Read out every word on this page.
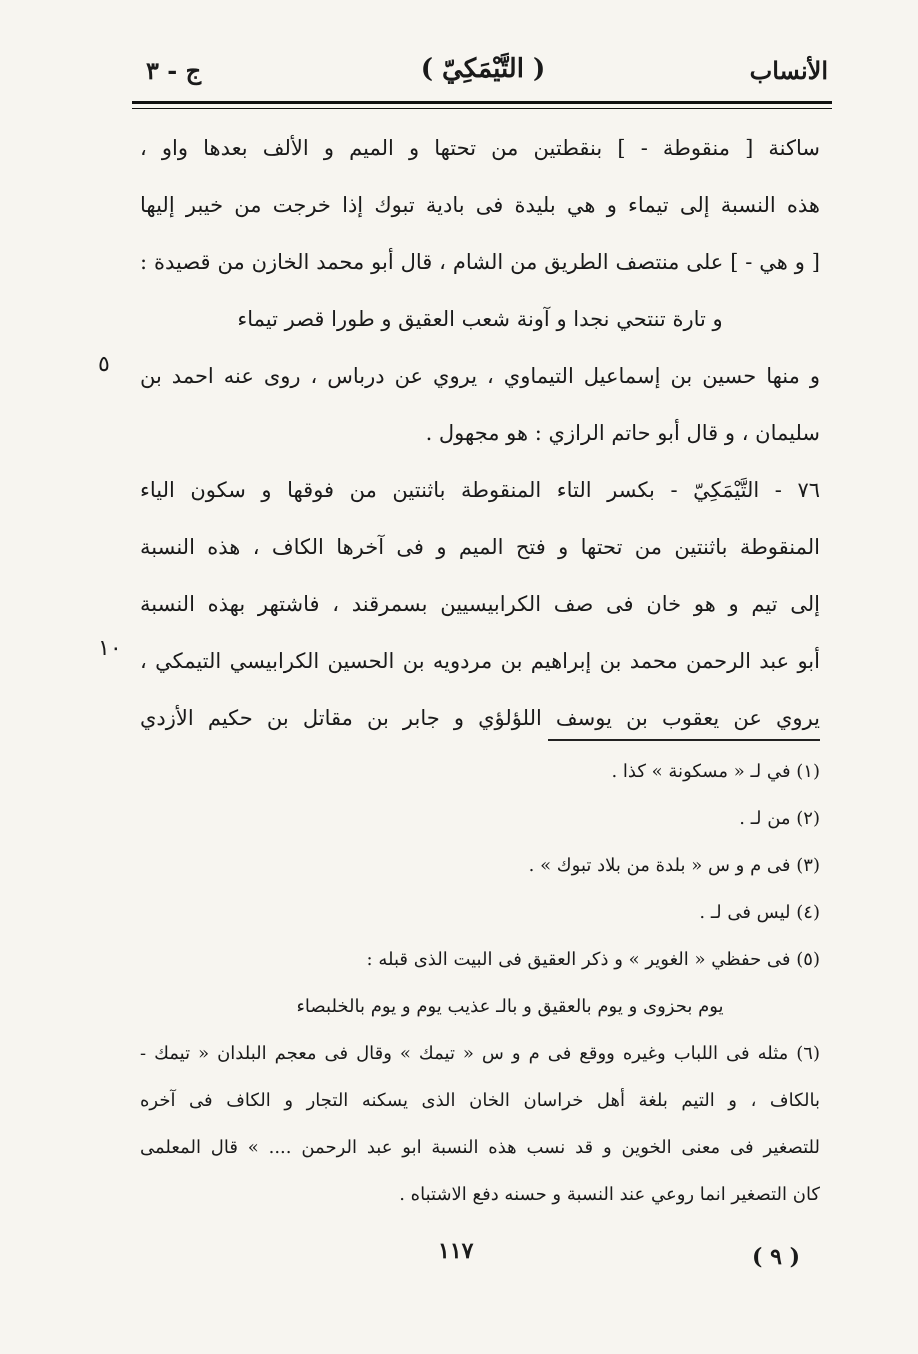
الأنساب
( التَّيْمَكِيّ )
ج - ٣
ساكنة [ منقوطة - ] بنقطتين من تحتها و الميم و الألف بعدها واو ،
هذه النسبة إلى تيماء و هي بليدة فى بادية تبوك إذا خرجت من خيبر إليها
[ و هي - ] على منتصف الطريق من الشام ، قال أبو محمد الخازن من قصيدة :
و تارة تنتحي نجدا و آونة شعب العقيق و طورا قصر تيماء
و منها حسين بن إسماعيل التيماوي ، يروي عن درباس ، روى عنه احمد بن
سليمان ، و قال أبو حاتم الرازي : هو مجهول .
٧٦ - التَّيْمَكِيّ - بكسر التاء المنقوطة باثنتين من فوقها و سكون الياء
المنقوطة باثنتين من تحتها و فتح الميم و فى آخرها الكاف ، هذه النسبة
إلى تيم و هو خان فى صف الكرابيسيين بسمرقند ، فاشتهر بهذه النسبة
أبو عبد الرحمن محمد بن إبراهيم بن مردويه بن الحسين الكرابيسي التيمكي ،
يروي عن يعقوب بن يوسف اللؤلؤي و جابر بن مقاتل بن حكيم الأزدي
٥
١٠
(١) في لـ « مسكونة » كذا .
(٢) من لـ .
(٣) فى م و س « بلدة من بلاد تبوك » .
(٤) ليس فى لـ .
(٥) فى حفظي « الغوير » و ذكر العقيق فى البيت الذى قبله :
يوم بحزوى و يوم بالعقيق و بالـ عذيب يوم و يوم بالخلبصاء
(٦) مثله فى اللباب وغيره ووقع فى م و س « تيمك » وقال فى معجم البلدان « تيمك -
بالكاف ، و التيم بلغة أهل خراسان الخان الذى يسكنه التجار و الكاف فى آخره
للتصغير فى معنى الخوين و قد نسب هذه النسبة ابو عبد الرحمن .... » قال المعلمى
كان التصغير انما روعي عند النسبة و حسنه دفع الاشتباه .
١١٧	( ٩ )
